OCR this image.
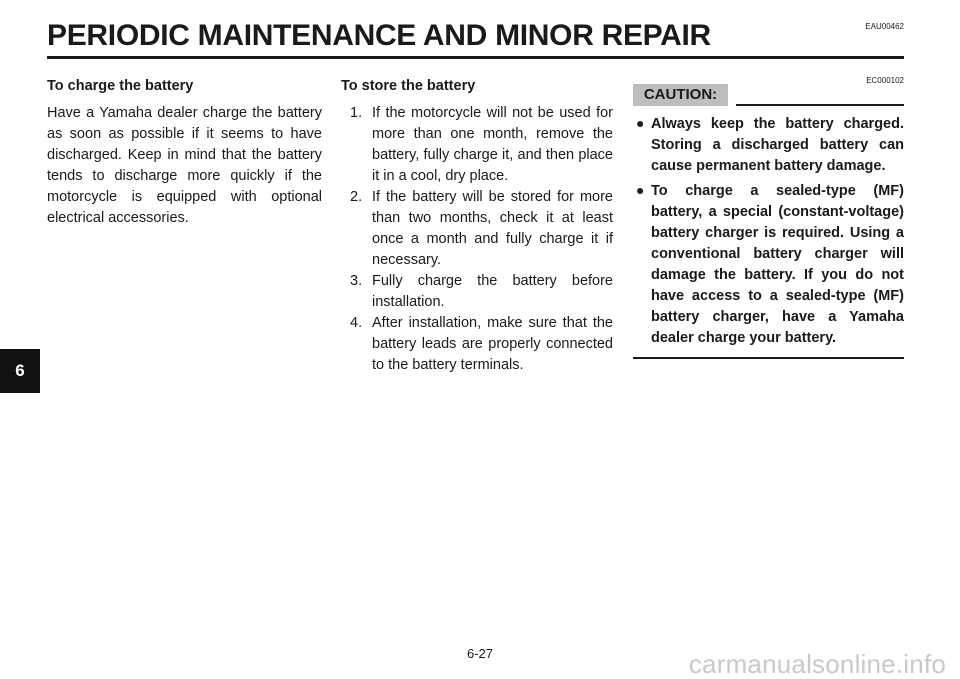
PERIODIC MAINTENANCE AND MINOR REPAIR	EAU00462
6
To charge the battery

Have a Yamaha dealer charge the battery as soon as possible if it seems to have discharged. Keep in mind that the battery tends to discharge more quickly if the motorcycle is equipped with optional electrical accessories.

To store the battery
1. If the motorcycle will not be used for more than one month, remove the battery, fully charge it, and then place it in a cool, dry place.
2. If the battery will be stored for more than two months, check it at least once a month and fully charge it if necessary.
3. Fully charge the battery before installation.
4. After installation, make sure that the battery leads are properly connected to the battery terminals.
CAUTION:
EC000102
● Always keep the battery charged. Storing a discharged battery can cause permanent battery damage.
● To charge a sealed-type (MF) battery, a special (constant-voltage) battery charger is required. Using a conventional battery charger will damage the battery. If you do not have access to a sealed-type (MF) battery charger, have a Yamaha dealer charge your battery.
6-27	carmanualsonline.info
